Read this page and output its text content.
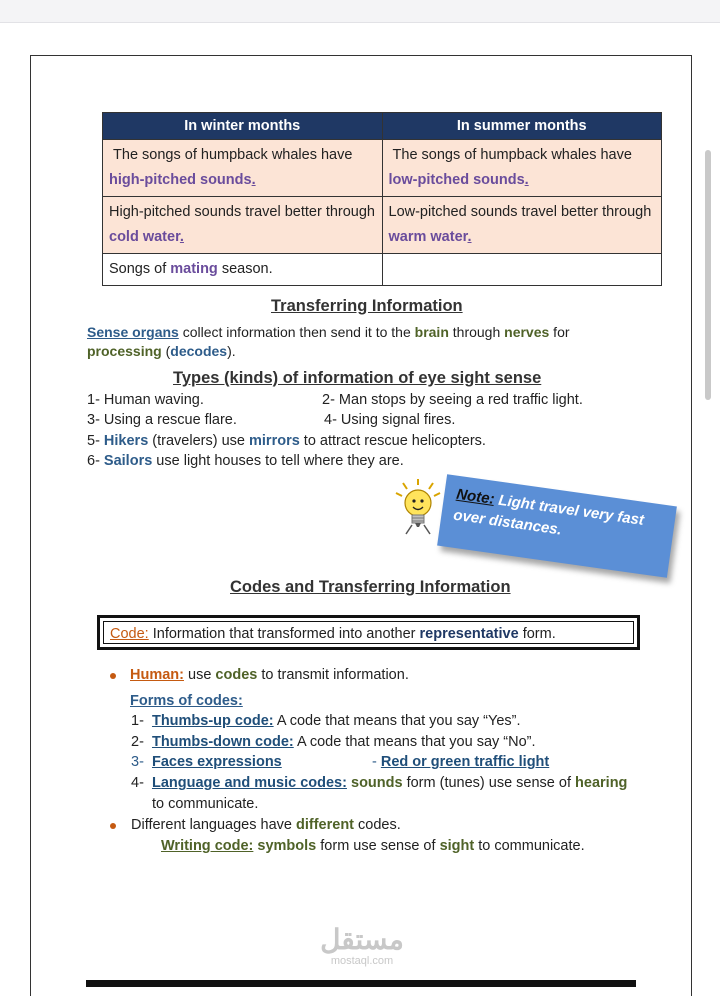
In winter months	In summer months
The songs of humpback whales have high-pitched sounds.	The songs of humpback whales have low-pitched sounds.
High-pitched sounds travel better through cold water.	Low-pitched sounds travel better through warm water.
Songs of mating season.	
Transferring Information
Sense organs collect information then send it to the brain through nerves for processing (decodes).
Types (kinds) of information of eye sight sense
1- Human waving.	2- Man stops by seeing a red traffic light.
3- Using a rescue flare.	4- Using signal fires.
5- Hikers (travelers) use mirrors to attract rescue helicopters.
6- Sailors use light houses to tell where they are.
Note: Light travel very fast over distances.
Codes and Transferring Information
Code: Information that transformed into another representative form.
Human: use codes to transmit information.
Forms of codes:
1- Thumbs-up code: A code that means that you say “Yes”.
2- Thumbs-down code: A code that means that you say “No”.
3- Faces expressions	- Red or green traffic light
4- Language and music codes: sounds form (tunes) use sense of hearing
to communicate.
Different languages have different codes.
Writing code: symbols form use sense of sight to communicate.
مستقل
mostaql.com
